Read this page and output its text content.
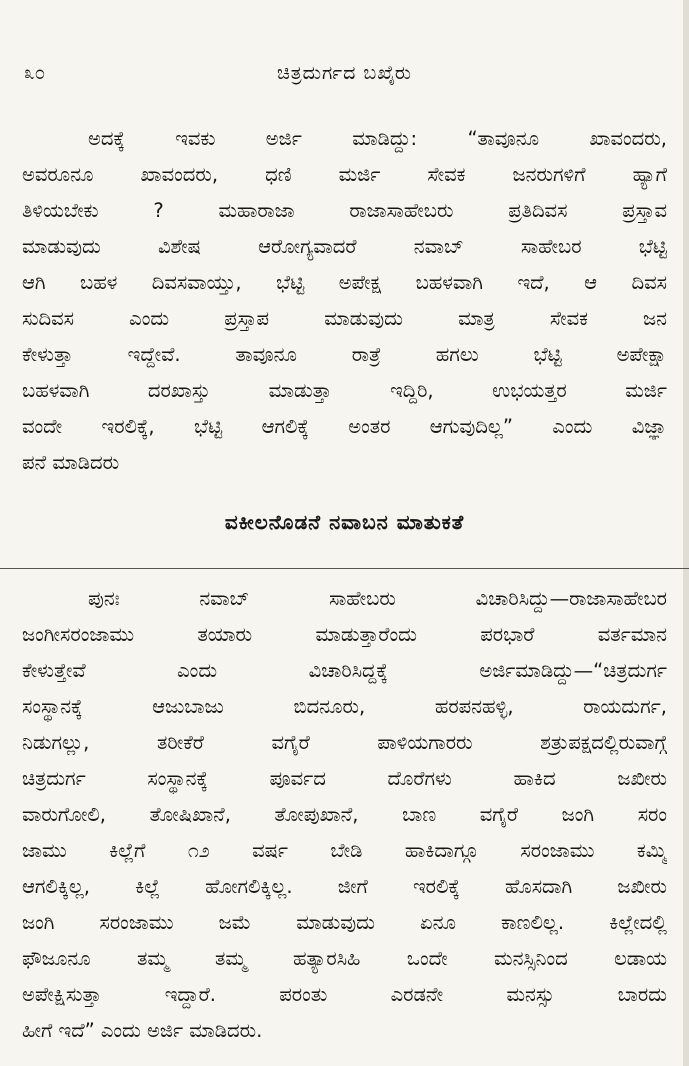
೩೦	ಚಿತ್ರದುರ್ಗದ ಬಖೈರು
ಅದಕ್ಕೆ ಇವಕು ಅರ್ಜಿ ಮಾಡಿದ್ದು: “ತಾವೂನೂ ಖಾವಂದರು,
ಅವರೂನೂ ಖಾವಂದರು, ಧಣಿ ಮರ್ಜಿ ಸೇವಕ ಜನರುಗಳಿಗೆ ಹ್ಯಾಗೆ
ತಿಳಿಯಬೇಕು ? ಮಹಾರಾಜಾ ರಾಜಾಸಾಹೇಬರು ಪ್ರತಿದಿವಸ ಪ್ರಸ್ತಾವ
ಮಾಡುವುದು ವಿಶೇಷ ಆರೋಗ್ಯವಾದರೆ ನವಾಬ್ ಸಾಹೇಬರ ಭೆಟ್ಟಿ
ಆಗಿ ಬಹಳ ದಿವಸವಾಯ್ತು, ಭೆಟ್ಟಿ ಅಪೇಕ್ಷ ಬಹಳವಾಗಿ ಇದೆ, ಆ ದಿವಸ
ಸುದಿವಸ ಎಂದು ಪ್ರಸ್ತಾಪ ಮಾಡುವುದು ಮಾತ್ರ ಸೇವಕ ಜನ
ಕೇಳುತ್ತಾ ಇದ್ದೇವೆ. ತಾವೂನೂ ರಾತ್ರೆ ಹಗಲು ಭೆಟ್ಟಿ ಅಪೇಕ್ಷಾ
ಬಹಳವಾಗಿ ದರಖಾಸ್ತು ಮಾಡುತ್ತಾ ಇದ್ದಿರಿ, ಉಭಯತ್ತರ ಮರ್ಜಿ
ವಂದೇ ಇರಲಿಕ್ಕೆ, ಭೆಟ್ಟಿ ಆಗಲಿಕ್ಕೆ ಅಂತರ ಆಗುವುದಿಲ್ಲ” ಎಂದು ವಿಜ್ಞಾ
ಪನೆ ಮಾಡಿದರು
ವಕೀಲನೊಡನೆ ನವಾಬನ ಮಾತುಕತೆ
ಪುನಃ ನವಾಬ್ ಸಾಹೇಬರು ವಿಚಾರಿಸಿದ್ದು—ರಾಜಾಸಾಹೇಬರ
ಜಂಗೀಸರಂಜಾಮು ತಯಾರು ಮಾಡುತ್ತಾರೆಂದು ಪರಭಾರೆ ವರ್ತಮಾನ
ಕೇಳುತ್ತೇವೆ ಎಂದು ವಿಚಾರಿಸಿದ್ದಕ್ಕೆ ಅರ್ಜಿಮಾಡಿದ್ದು—“ಚಿತ್ರದುರ್ಗ
ಸಂಸ್ಥಾನಕ್ಕೆ ಆಜುಬಾಜು ಬಿದನೂರು, ಹರಪನಹಳ್ಳಿ, ರಾಯದುರ್ಗ,
ನಿಡುಗಲ್ಲು, ತರೀಕೆರೆ ವಗೈರೆ ಪಾಳಿಯಗಾರರು ಶತ್ರುಪಕ್ಷದಲ್ಲಿರುವಾಗ್ಗೆ
ಚಿತ್ರದುರ್ಗ ಸಂಸ್ಥಾನಕ್ಕೆ ಪೂರ್ವದ ದೊರೆಗಳು ಹಾಕಿದ ಜಖೀರು
ವಾರುಗೋಲಿ, ತೋಷಿಖಾನೆ, ತೋಪುಖಾನೆ, ಬಾಣ ವಗೈರೆ ಜಂಗಿ ಸರಂ
ಜಾಮು ಕಿಲ್ಲೆಗೆ ೧೨ ವರ್ಷ ಬೇಡಿ ಹಾಕಿದಾಗ್ಗೂ ಸರಂಜಾಮು ಕಮ್ಮಿ
ಆಗಲಿಕ್ಕಿಲ್ಲ, ಕಿಲ್ಲೆ ಹೋಗಲಿಕ್ಕಿಲ್ಲ. ಜೀಗೆ ಇರಲಿಕ್ಕೆ ಹೊಸದಾಗಿ ಜಖೀರು
ಜಂಗಿ ಸರಂಜಾಮು ಜಮೆ ಮಾಡುವುದು ಏನೂ ಕಾಣಲಿಲ್ಲ. ಕಿಲ್ಲೇದಲ್ಲಿ
ಫೌಜೂನೂ ತಮ್ಮ ತಮ್ಮ ಹತ್ಯಾರಸಿಹಿ ಒಂದೇ ಮನಸ್ಸಿನಿಂದ ಲಡಾಯ
ಅಪೇಕ್ಷಿಸುತ್ತಾ ಇದ್ದಾರೆ. ಪರಂತು ಎರಡನೇ ಮನಸ್ಸು ಬಾರದು
ಹೀಗೆ ಇದೆ” ಎಂದು ಅರ್ಜಿ ಮಾಡಿದರು.
